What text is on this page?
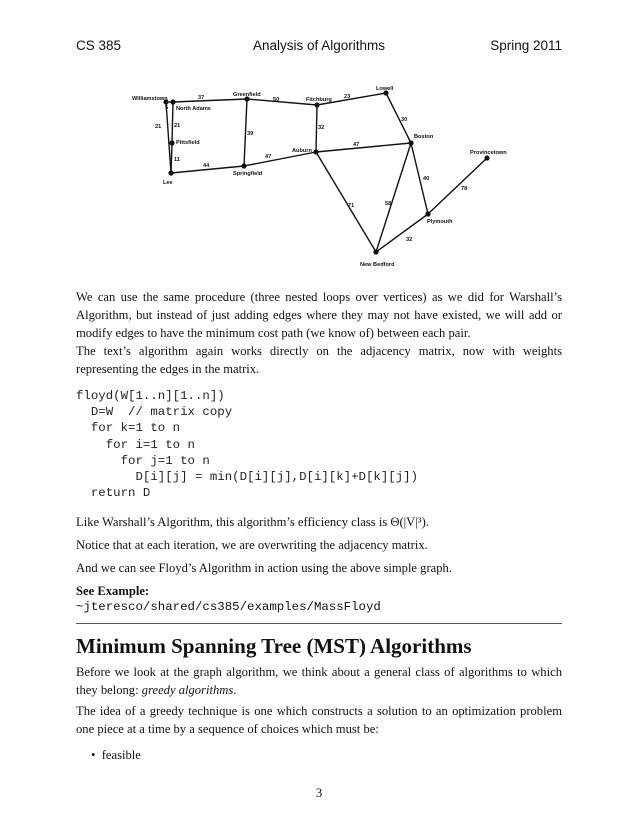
CS 385	Analysis of Algorithms	Spring 2011
Williamstown
North Adams
Greenfield
Fitchburg
Lowell
Pittsfield
Boston
Provincetown
Auburn
Springfield
Lee
Plymouth
New Bedford
5
37	50	23
21 21
30
32
39
47
47
11
44
40
78
71	58
32

We can use the same procedure (three nested loops over vertices) as we did for Warshall’s Algorithm, but instead of just adding edges where they may not have existed, we will add or modify edges to have the minimum cost path (we know of) between each pair.

The text’s algorithm again works directly on the adjacency matrix, now with weights representing the edges in the matrix.

floyd(W[1..n][1..n])
D=W  // matrix copy
for k=1 to n
for i=1 to n
for j=1 to n
D[i][j] = min(D[i][j],D[i][k]+D[k][j])
return D

Like Warshall’s Algorithm, this algorithm’s efficiency class is Θ(|V|³).

Notice that at each iteration, we are overwriting the adjacency matrix.

And we can see Floyd’s Algorithm in action using the above simple graph.

See Example:

~jteresco/shared/cs385/examples/MassFloyd

Minimum Spanning Tree (MST) Algorithms

Before we look at the graph algorithm, we think about a general class of algorithms to which they belong: greedy algorithms.

The idea of a greedy technique is one which constructs a solution to an optimization problem one piece at a time by a sequence of choices which must be:

• feasible
3
